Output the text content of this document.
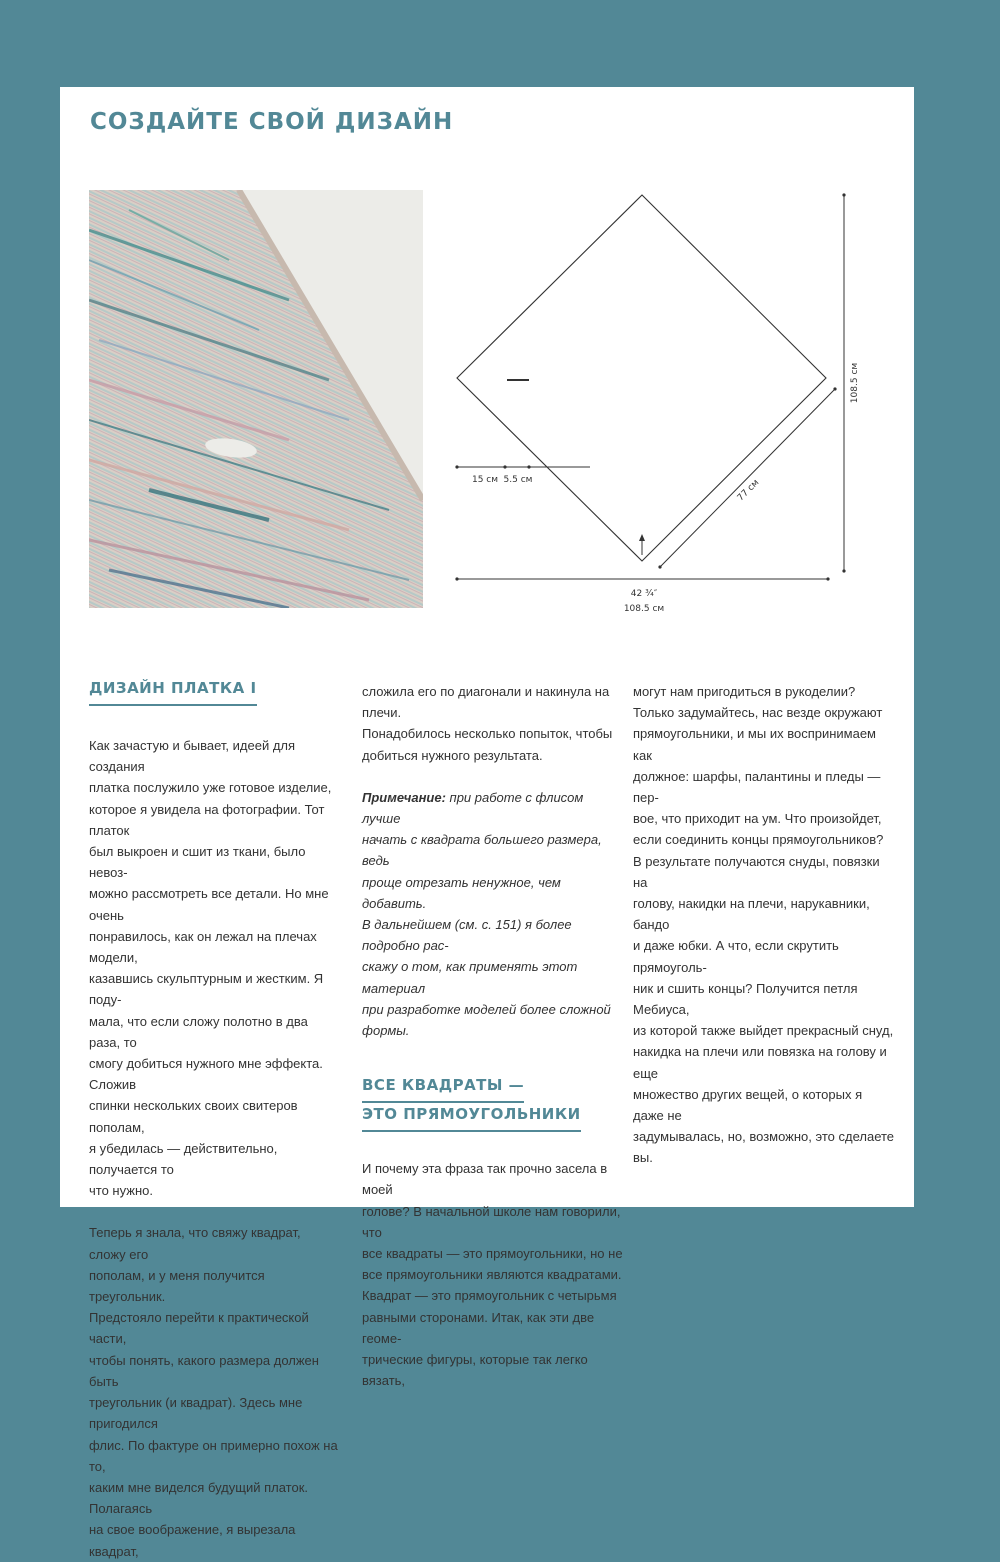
СОЗДАЙТЕ СВОЙ ДИЗАЙН
108.5 см
77 см
15 см 5.5 см
42 ¾″
108.5 см
ДИЗАЙН ПЛАТКА I

Как зачастую и бывает, идеей для создания
платка послужило уже готовое изделие,
которое я увидела на фотографии. Тот платок
был выкроен и сшит из ткани, было невоз-
можно рассмотреть все детали. Но мне очень
понравилось, как он лежал на плечах модели,
казавшись скульптурным и жестким. Я поду-
мала, что если сложу полотно в два раза, то
смогу добиться нужного мне эффекта. Сложив
спинки нескольких своих свитеров пополам,
я убедилась — действительно, получается то
что нужно.

Теперь я знала, что свяжу квадрат, сложу его
пополам, и у меня получится треугольник.
Предстояло перейти к практической части,
чтобы понять, какого размера должен быть
треугольник (и квадрат). Здесь мне пригодился
флис. По фактуре он примерно похож на то,
каким мне виделся будущий платок. Полагаясь
на свое воображение, я вырезала квадрат,

сложила его по диагонали и накинула на плечи.
Понадобилось несколько попыток, чтобы
добиться нужного результата.

Примечание: при работе с флисом лучше
начать с квадрата большего размера, ведь
проще отрезать ненужное, чем добавить.
В дальнейшем (см. с. 151) я более подробно рас-
скажу о том, как применять этот материал
при разработке моделей более сложной формы.

ВСЕ КВАДРАТЫ —
ЭТО ПРЯМОУГОЛЬНИКИ

И почему эта фраза так прочно засела в моей
голове? В начальной школе нам говорили, что
все квадраты — это прямоугольники, но не
все прямоугольники являются квадратами.
Квадрат — это прямоугольник с четырьмя
равными сторонами. Итак, как эти две геоме-
трические фигуры, которые так легко вязать,

могут нам пригодиться в рукоделии?
Только задумайтесь, нас везде окружают
прямоугольники, и мы их воспринимаем как
должное: шарфы, палантины и пледы — пер-
вое, что приходит на ум. Что произойдет,
если соединить концы прямоугольников?
В результате получаются снуды, повязки на
голову, накидки на плечи, нарукавники, бандо
и даже юбки. А что, если скрутить прямоуголь-
ник и сшить концы? Получится петля Мебиуса,
из которой также выйдет прекрасный снуд,
накидка на плечи или повязка на голову и еще
множество других вещей, о которых я даже не
задумывалась, но, возможно, это сделаете вы.
